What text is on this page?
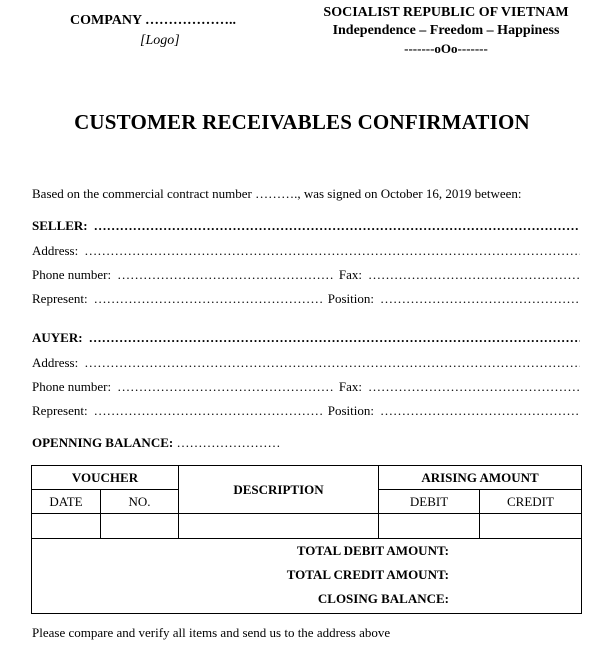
COMPANY ………………..
[Logo]
SOCIALIST REPUBLIC OF VIETNAM
Independence – Freedom – Happiness
-------oOo-------
CUSTOMER RECEIVABLES CONFIRMATION
Based on the commercial contract number ………., was signed on October 16, 2019 between:
SELLER:
…………………………………………………………………………………………………………………………………………
Address:
…………………………………………………………………………………………………………………………………………
Phone number: …………………………………………………………………………………………………………………………………………	Fax:
…………………………………………………………………………………………………………………………………………
Represent: …………………………………………………………………………………………………………………………………………	Position:
…………………………………………………………………………………………………………………………………………
AUYER:
…………………………………………………………………………………………………………………………………………
Address:
…………………………………………………………………………………………………………………………………………
Phone number: …………………………………………………………………………………………………………………………………………	Fax:
…………………………………………………………………………………………………………………………………………
Represent: …………………………………………………………………………………………………………………………………………	Position:
…………………………………………………………………………………………………………………………………………
OPENNING BALANCE: ……………………
VOUCHER		DESCRIPTION	ARISING AMOUNT	
DATE	NO.		DEBIT	CREDIT

TOTAL DEBIT AMOUNT:
TOTAL CREDIT AMOUNT:
CLOSING BALANCE:				
Please compare and verify all items and send us to the address above
